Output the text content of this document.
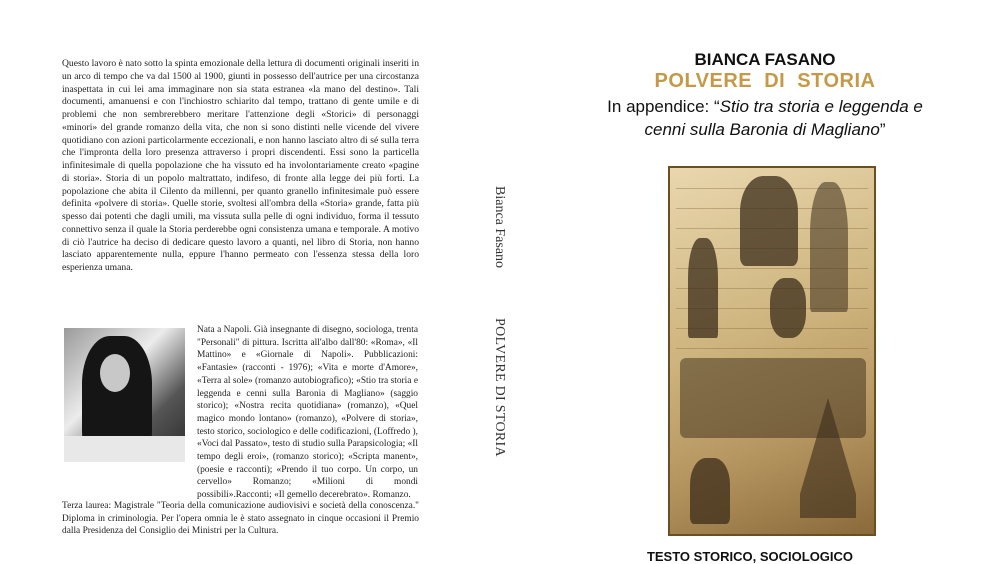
Questo lavoro è nato sotto la spinta emozionale della lettura di documenti originali inseriti in un arco di tempo che va dal 1500 al 1900, giunti in possesso dell'autrice per una circostanza inaspettata in cui lei ama immaginare non sia stata estranea «la mano del destino». Tali documenti, amanuensi e con l'inchiostro schiarito dal tempo, trattano di gente umile e di problemi che non sembrerebbero meritare l'attenzione degli «Storici» di personaggi «minori» del grande romanzo della vita, che non si sono distinti nelle vicende del vivere quotidiano con azioni particolarmente eccezionali, e non hanno lasciato altro di sé sulla terra che l'impronta della loro presenza attraverso i propri discendenti. Essi sono la particella infinitesimale di quella popolazione che ha vissuto ed ha involontariamente creato «pagine di storia». Storia di un popolo maltrattato, indifeso, di fronte alla legge dei più forti. La popolazione che abita il Cilento da millenni, per quanto granello infinitesimale può essere definita «polvere di storia». Quelle storie, svoltesi all'ombra della «Storia» grande, fatta più spesso dai potenti che dagli umili, ma vissuta sulla pelle di ogni individuo, forma il tessuto connettivo senza il quale la Storia perderebbe ogni consistenza umana e temporale. A motivo di ciò l'autrice ha deciso di dedicare questo lavoro a quanti, nel libro di Storia, non hanno lasciato apparentemente nulla, eppure l'hanno permeato con l'essenza stessa della loro esperienza umana.

Nata a Napoli. Già insegnante di disegno, sociologa, trenta "Personali" di pittura. Iscritta all'albo dall'80: «Roma», «Il Mattino» e «Giornale di Napoli». Pubblicazioni: «Fantasie» (racconti - 1976); «Vita e morte d'Amore», «Terra al sole» (romanzo autobiografico); «Stio tra storia e leggenda e cenni sulla Baronia di Magliano» (saggio storico); «Nostra recita quotidiana» (romanzo), «Quel magico mondo lontano» (romanzo), «Polvere di storia», testo storico, sociologico e delle codificazioni, (Loffredo ), «Voci dal Passato», testo di studio sulla Parapsicologia; «Il tempo degli eroi», (romanzo storico); «Scripta manent», (poesie e racconti); «Prendo il tuo corpo. Un corpo, un cervello» Romanzo; «Milioni di mondi possibili».Racconti; «Il gemello decerebrato». Romanzo.

Terza laurea: Magistrale "Teoria della comunicazione audiovisivi e società della conoscenza." Diploma in criminologia. Per l'opera omnia le è stato assegnato in cinque occasioni il Premio dalla Presidenza del Consiglio dei Ministri per la Cultura.

Bianca Fasano
POLVERE DI STORIA
BIANCA FASANO
POLVERE DI STORIA
In appendice: “Stio tra storia e leggenda e cenni sulla Baronia di Magliano”
TESTO STORICO, SOCIOLOGICO
